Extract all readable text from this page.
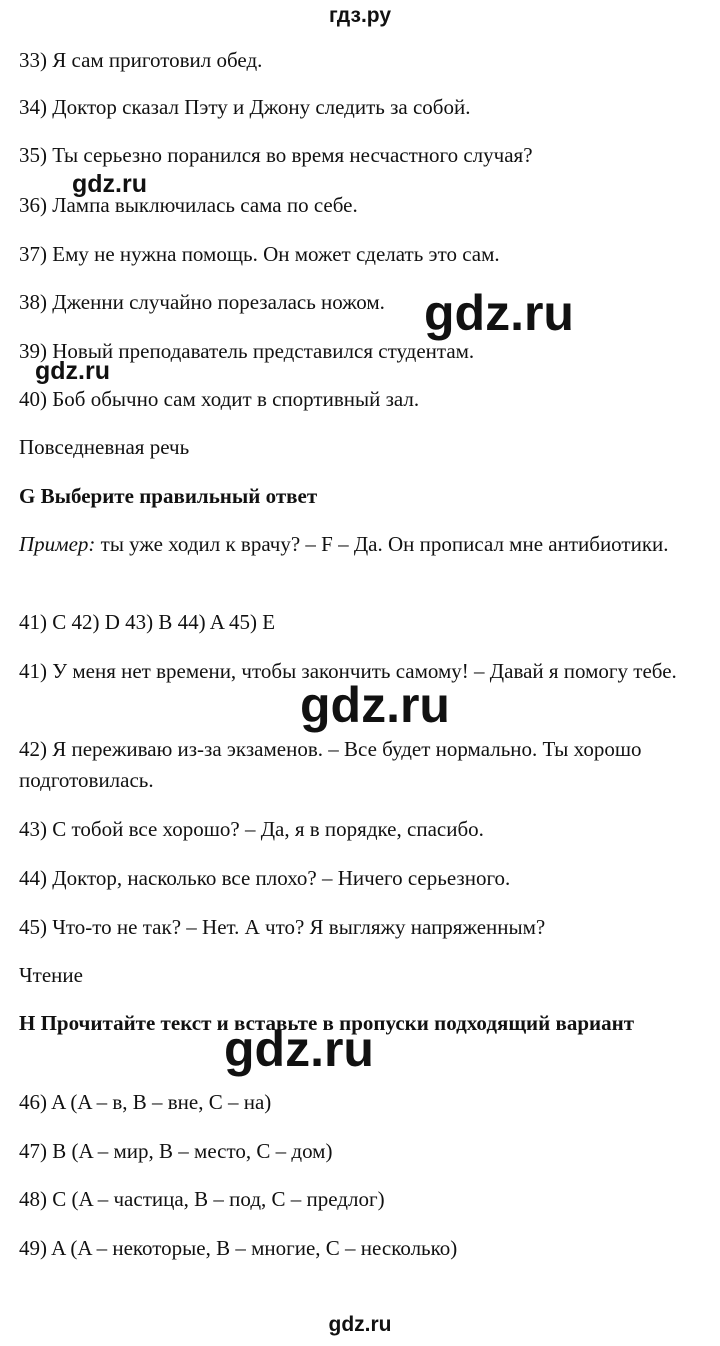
гдз.ру
33) Я сам приготовил обед.
34) Доктор сказал Пэту и Джону следить за собой.
35) Ты серьезно поранился во время несчастного случая?
36) Лампа выключилась сама по себе.
37) Ему не нужна помощь. Он может сделать это сам.
38) Дженни случайно порезалась ножом.
39) Новый преподаватель представился студентам.
40) Боб обычно сам ходит в спортивный зал.
Повседневная речь
G Выберите правильный ответ
Пример: ты уже ходил к врачу? – F – Да. Он прописал мне антибиотики.
41) C 42) D 43) B 44) A 45) E
41) У меня нет времени, чтобы закончить самому! – Давай я помогу тебе.
42) Я переживаю из-за экзаменов. – Все будет нормально. Ты хорошо подготовилась.
43) С тобой все хорошо? – Да, я в порядке, спасибо.
44) Доктор, насколько все плохо? – Ничего серьезного.
45) Что-то не так? – Нет. А что? Я выгляжу напряженным?
Чтение
H Прочитайте текст и вставьте в пропуски подходящий вариант
46) A (A – в, B – вне, C – на)
47) B (A – мир, B – место, C – дом)
48) C (A – частица, B – под, C – предлог)
49) A (A – некоторые, B – многие, C – несколько)
gdz.ru
gdz.ru
gdz.ru
gdz.ru
gdz.ru
gdz.ru
